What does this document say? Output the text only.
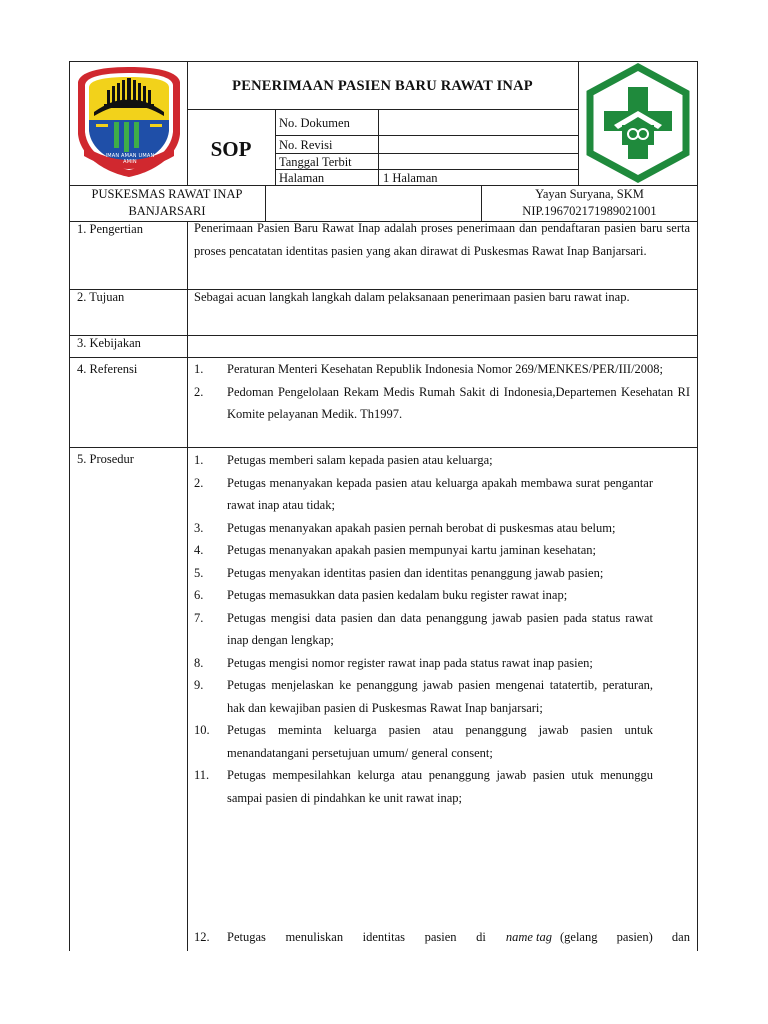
IMAN AMAN UMAN AMIN
PENERIMAAN PASIEN BARU RAWAT INAP
SOP
No. Dokumen
No. Revisi
Tanggal Terbit
Halaman	1 Halaman
PUSKESMAS RAWAT INAP
BANJARSARI
Yayan Suryana, SKM
NIP.196702171989021001
1. Pengertian
2. Tujuan
3. Kebijakan
4. Referensi
5. Prosedur
Penerimaan Pasien Baru Rawat Inap adalah proses penerimaan dan pendaftaran pasien baru serta proses pencatatan identitas pasien yang akan dirawat di Puskesmas Rawat Inap Banjarsari.
Sebagai acuan langkah langkah dalam pelaksanaan penerimaan pasien baru rawat inap.
1. Peraturan Menteri Kesehatan Republik Indonesia Nomor 269/MENKES/PER/III/2008;
2. Pedoman Pengelolaan Rekam Medis Rumah Sakit di Indonesia,Departemen Kesehatan RI Komite pelayanan Medik. Th1997.
1. Petugas memberi salam kepada pasien atau keluarga;
2. Petugas menanyakan kepada pasien atau keluarga apakah membawa surat pengantar rawat inap atau tidak;
3. Petugas menanyakan apakah pasien pernah berobat di puskesmas atau belum;
4. Petugas menanyakan apakah pasien mempunyai kartu jaminan kesehatan;
5. Petugas menyakan identitas pasien dan identitas penanggung jawab pasien;
6. Petugas memasukkan data pasien kedalam buku register rawat inap;
7. Petugas mengisi data pasien dan data penanggung jawab pasien pada status rawat inap dengan lengkap;
8. Petugas mengisi nomor register rawat inap pada status rawat inap pasien;
9. Petugas menjelaskan ke penanggung jawab pasien mengenai tatatertib, peraturan, hak dan kewajiban pasien di Puskesmas Rawat Inap banjarsari;
10. Petugas meminta keluarga pasien atau penanggung jawab pasien untuk menandatangani persetujuan umum/ general consent;
11. Petugas mempesilahkan kelurga atau penanggung jawab pasien utuk menunggu sampai pasien di pindahkan ke unit rawat inap;
12.	Petugas menuliskan identitas pasien di name tag (gelang pasien) dan
